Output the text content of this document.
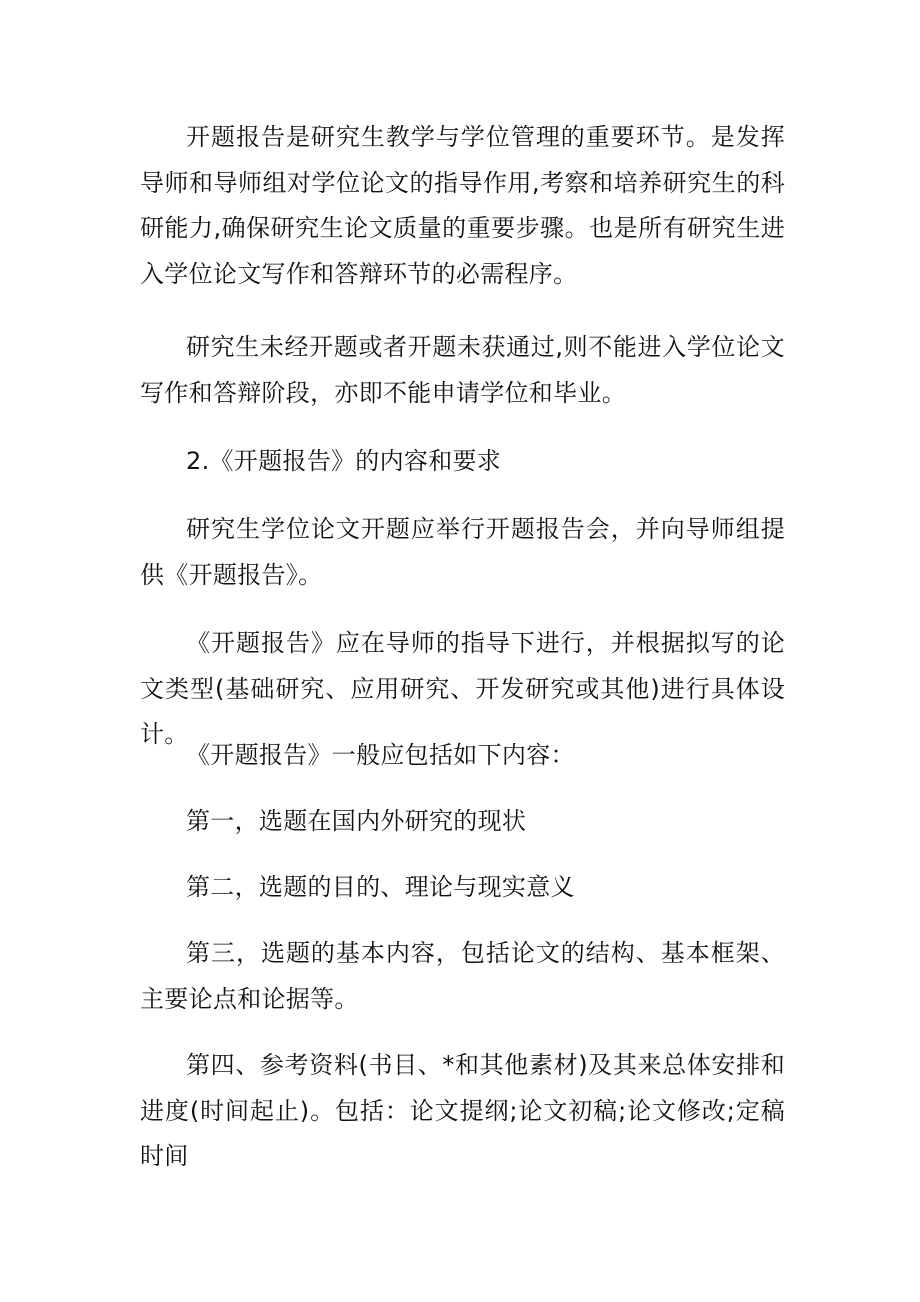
开题报告是研究生教学与学位管理的重要环节。是发挥导师和导师组对学位论文的指导作用,考察和培养研究生的科研能力,确保研究生论文质量的重要步骤。也是所有研究生进入学位论文写作和答辩环节的必需程序。

研究生未经开题或者开题未获通过,则不能进入学位论文写作和答辩阶段，亦即不能申请学位和毕业。

2.《开题报告》的内容和要求

研究生学位论文开题应举行开题报告会，并向导师组提供《开题报告》。

《开题报告》应在导师的指导下进行，并根据拟写的论文类型(基础研究、应用研究、开发研究或其他)进行具体设计。

《开题报告》一般应包括如下内容：

第一，选题在国内外研究的现状

第二，选题的目的、理论与现实意义

第三，选题的基本内容，包括论文的结构、基本框架、主要论点和论据等。

第四、参考资料(书目、*和其他素材)及其来总体安排和进度(时间起止)。包括：论文提纲;论文初稿;论文修改;定稿时间
